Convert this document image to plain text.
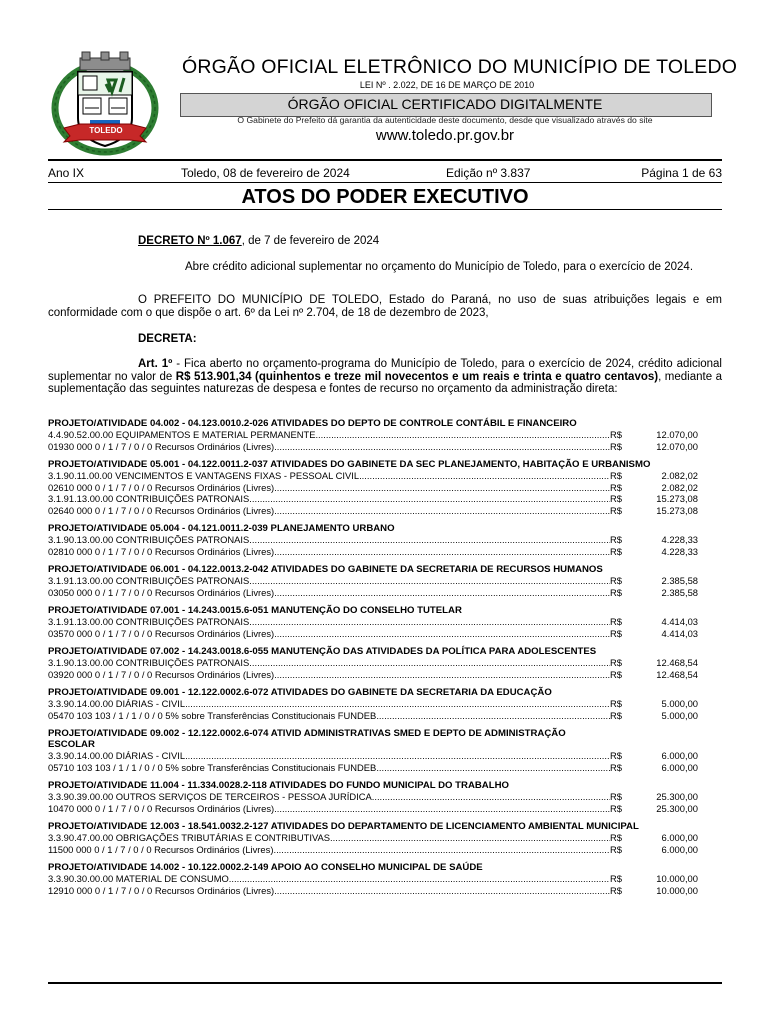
TOLEDO
ÓRGÃO OFICIAL ELETRÔNICO DO MUNICÍPIO DE TOLEDO
LEI Nº . 2.022, DE 16 DE MARÇO DE 2010
ÓRGÃO OFICIAL CERTIFICADO DIGITALMENTE
O Gabinete do Prefeito dá garantia da autenticidade deste documento, desde que visualizado através do site
www.toledo.pr.gov.br
Ano IX	Toledo, 08 de fevereiro de 2024	Edição nº 3.837	Página 1 de 63
ATOS DO PODER EXECUTIVO
DECRETO Nº 1.067, de 7 de fevereiro de 2024
Abre crédito adicional suplementar no orçamento do Município de Toledo, para o exercício de 2024.
O PREFEITO DO MUNICÍPIO DE TOLEDO, Estado do Paraná, no uso de suas atribuições legais e em conformidade com o que dispõe o art. 6º da Lei nº 2.704, de 18 de dezembro de 2023,
DECRETA:
Art. 1º - Fica aberto no orçamento-programa do Município de Toledo, para o exercício de 2024, crédito adicional suplementar no valor de R$ 513.901,34 (quinhentos e treze mil novecentos e um reais e trinta e quatro centavos), mediante a suplementação das seguintes naturezas de despesa e fontes de recurso no orçamento da administração direta:
PROJETO/ATIVIDADE 04.002 - 04.123.0010.2-026 ATIVIDADES DO DEPTO DE CONTROLE CONTÁBIL E FINANCEIRO
4.4.90.52.00.00 EQUIPAMENTOS E MATERIAL PERMANENTE .....	R$	12.070,00
01930 000 0 / 1 / 7 / 0 / 0 Recursos Ordinários (Livres) .....	R$	12.070,00
PROJETO/ATIVIDADE 05.001 - 04.122.0011.2-037 ATIVIDADES DO GABINETE DA SEC PLANEJAMENTO, HABITAÇÃO E URBANISMO
3.1.90.11.00.00 VENCIMENTOS E VANTAGENS FIXAS - PESSOAL CIVIL .....	R$	2.082,02
02610 000 0 / 1 / 7 / 0 / 0 Recursos Ordinários (Livres) .....	R$	2.082,02
3.1.91.13.00.00 CONTRIBUIÇÕES PATRONAIS .....	R$	15.273,08
02640 000 0 / 1 / 7 / 0 / 0 Recursos Ordinários (Livres) .....	R$	15.273,08
PROJETO/ATIVIDADE 05.004 - 04.121.0011.2-039 PLANEJAMENTO URBANO
3.1.90.13.00.00 CONTRIBUIÇÕES PATRONAIS .....	R$	4.228,33
02810 000 0 / 1 / 7 / 0 / 0 Recursos Ordinários (Livres) .....	R$	4.228,33
PROJETO/ATIVIDADE 06.001 - 04.122.0013.2-042 ATIVIDADES DO GABINETE DA SECRETARIA DE RECURSOS HUMANOS
3.1.91.13.00.00 CONTRIBUIÇÕES PATRONAIS .....	R$	2.385,58
03050 000 0 / 1 / 7 / 0 / 0 Recursos Ordinários (Livres) .....	R$	2.385,58
PROJETO/ATIVIDADE 07.001 - 14.243.0015.6-051 MANUTENÇÃO DO CONSELHO TUTELAR
3.1.91.13.00.00 CONTRIBUIÇÕES PATRONAIS .....	R$	4.414,03
03570 000 0 / 1 / 7 / 0 / 0 Recursos Ordinários (Livres) .....	R$	4.414,03
PROJETO/ATIVIDADE 07.002 - 14.243.0018.6-055 MANUTENÇÃO DAS ATIVIDADES DA POLÍTICA PARA ADOLESCENTES
3.1.90.13.00.00 CONTRIBUIÇÕES PATRONAIS .....	R$	12.468,54
03920 000 0 / 1 / 7 / 0 / 0 Recursos Ordinários (Livres) .....	R$	12.468,54
PROJETO/ATIVIDADE 09.001 - 12.122.0002.6-072 ATIVIDADES DO GABINETE DA SECRETARIA DA EDUCAÇÃO
3.3.90.14.00.00 DIÁRIAS - CIVIL .....	R$	5.000,00
05470 103 103 / 1 / 1 / 0 / 0 5% sobre Transferências Constitucionais FUNDEB .....	R$	5.000,00
PROJETO/ATIVIDADE 09.002 - 12.122.0002.6-074 ATIVID ADMINISTRATIVAS SMED E DEPTO DE ADMINISTRAÇÃO ESCOLAR
3.3.90.14.00.00 DIÁRIAS - CIVIL .....	R$	6.000,00
05710 103 103 / 1 / 1 / 0 / 0 5% sobre Transferências Constitucionais FUNDEB .....	R$	6.000,00
PROJETO/ATIVIDADE 11.004 - 11.334.0028.2-118 ATIVIDADES DO FUNDO MUNICIPAL DO TRABALHO
3.3.90.39.00.00 OUTROS SERVIÇOS DE TERCEIROS - PESSOA JURÍDICA .....	R$	25.300,00
10470 000 0 / 1 / 7 / 0 / 0 Recursos Ordinários (Livres) .....	R$	25.300,00
PROJETO/ATIVIDADE 12.003 - 18.541.0032.2-127 ATIVIDADES DO DEPARTAMENTO DE LICENCIAMENTO AMBIENTAL MUNICIPAL
3.3.90.47.00.00 OBRIGAÇÕES TRIBUTÁRIAS E CONTRIBUTIVAS .....	R$	6.000,00
11500 000 0 / 1 / 7 / 0 / 0 Recursos Ordinários (Livres) .....	R$	6.000,00
PROJETO/ATIVIDADE 14.002 - 10.122.0002.2-149 APOIO AO CONSELHO MUNICIPAL DE SAÚDE
3.3.90.30.00.00 MATERIAL DE CONSUMO .....	R$	10.000,00
12910 000 0 / 1 / 7 / 0 / 0 Recursos Ordinários (Livres) .....	R$	10.000,00
